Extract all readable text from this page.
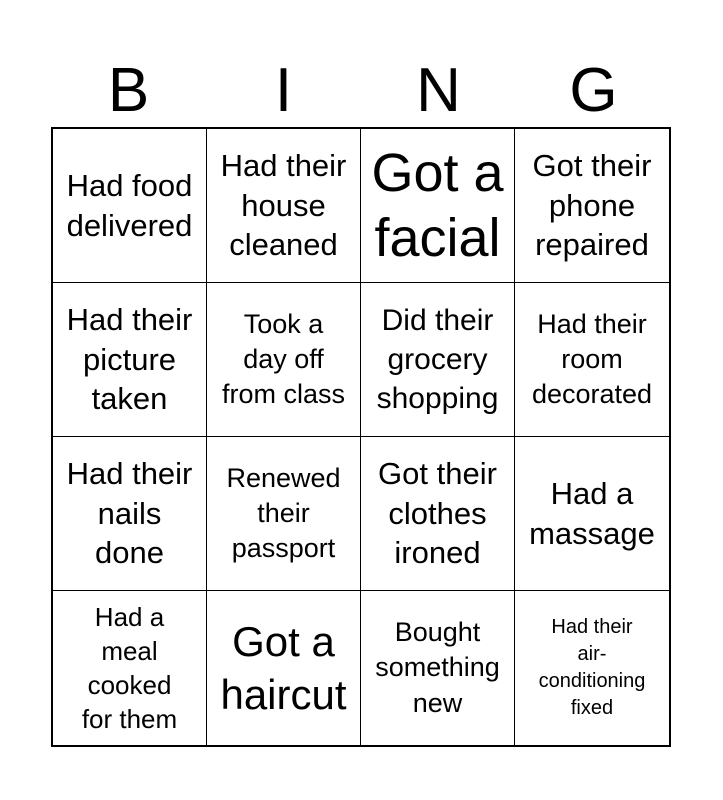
B	I	N	G
Had food
delivered
Had their
house
cleaned
Got a
facial
Got their
phone
repaired
Had their
picture
taken
Took a
day off
from class
Did their
grocery
shopping
Had their
room
decorated
Had their
nails
done
Renewed
their
passport
Got their
clothes
ironed
Had a
massage
Had a
meal
cooked
for them
Got a
haircut
Bought
something
new
Had their
air-
conditioning
fixed
